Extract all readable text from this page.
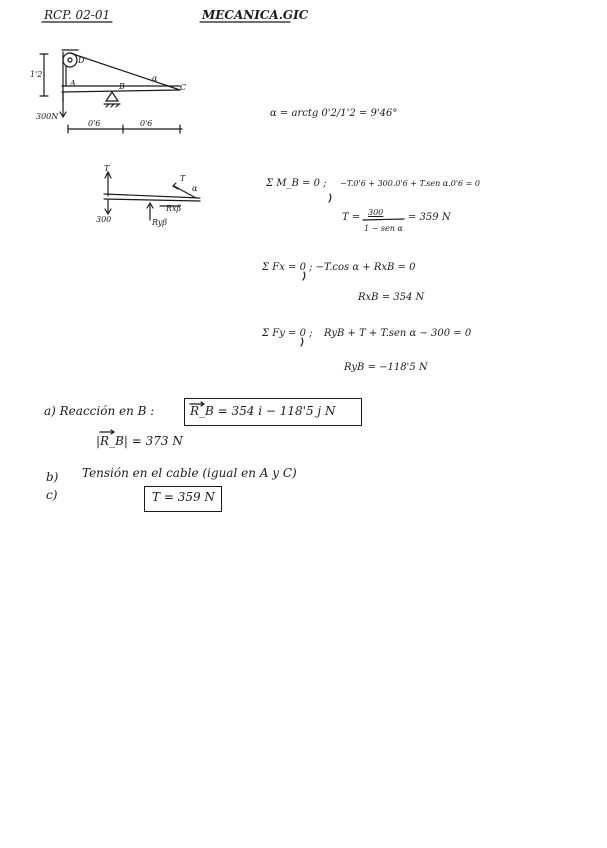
RCP. 02-01	MECANICA.GIC
1'2
A	B	C
D
α
300N
0'6	0'6
T
T
α
300
Rxβ
Ryβ
α = arctg 0'2/1'2 = 9'46°
Σ M_B = 0 ; −T.0'6 + 300.0'6 + T.sen α.0'6 = 0
T = 300
1 − sen α
= 359 N
Σ Fx = 0 ; −T.cos α + RxB = 0
RxB = 354 N
Σ Fy = 0 ; RyB + T + T.sen α − 300 = 0
RyB = −118'5 N
a) Reacción en B :	R_B = 354 i − 118'5 j N
|R_B| = 373 N
b) Tensión en el cable (igual en A y C)
c)	T = 359 N
